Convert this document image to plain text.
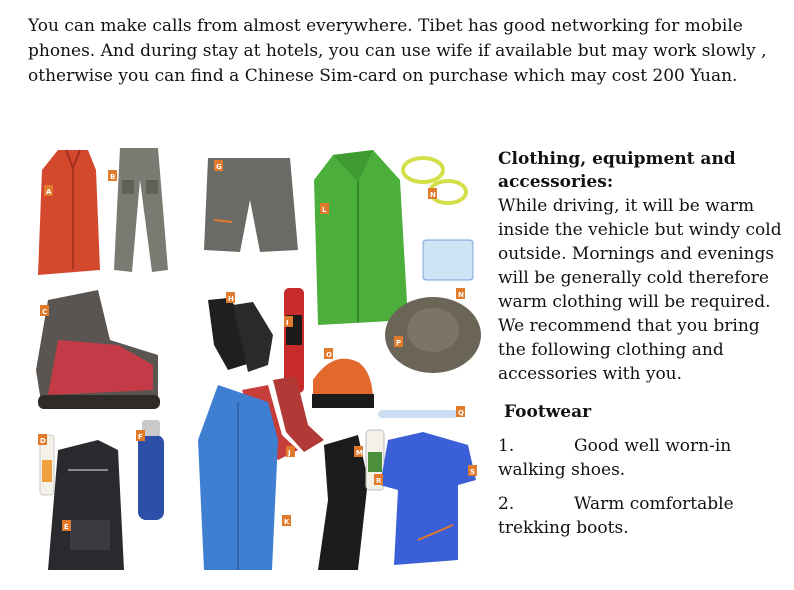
You can make calls from almost everywhere. Tibet has good networking for mobile phones. And during stay at hotels, you can use wife if available but may work slowly , otherwise you can find a Chinese Sim-card on purchase which may cost 200 Yuan.

A
B
C
D
E
F
G
H
I
J
K
L
M
N
N
O
P
Q
R
S
Clothing, equipment and accessories:

While driving, it will be warm inside the vehicle but windy cold outside. Mornings and evenings will be generally cold therefore warm clothing will be required. We recommend that you bring the following clothing and accessories with you.

Footwear
1.	Good well worn-in walking shoes.
2.	Warm comfortable trekking boots.
